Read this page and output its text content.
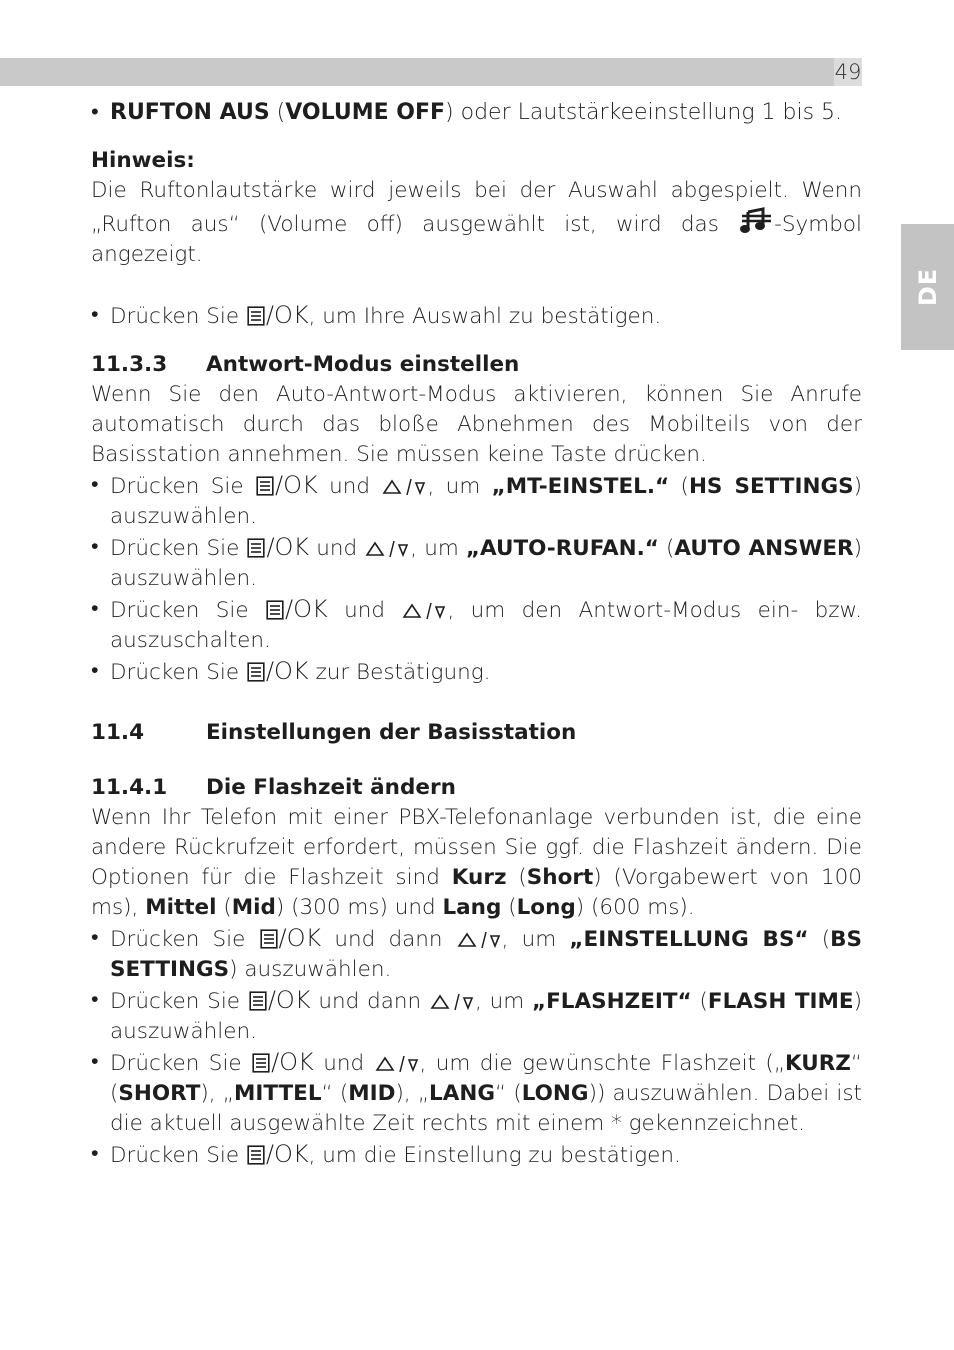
49
DE

• RUFTON AUS (VOLUME OFF) oder Lautstärkeeinstellung 1 bis 5.

Hinweis:

Die Ruftonlautstärke wird jeweils bei der Auswahl abgespielt. Wenn „Rufton aus“ (Volume off) ausgewählt ist, wird das -Symbol angezeigt.

• Drücken Sie /OK, um Ihre Auswahl zu bestätigen.

11.3.3 Antwort-Modus einstellen

Wenn Sie den Auto-Antwort-Modus aktivieren, können Sie Anrufe automatisch durch das bloße Abnehmen des Mobilteils von der Basisstation annehmen. Sie müssen keine Taste drücken.

• Drücken Sie /OK und , um „MT-EINSTEL.“ (HS SETTINGS) auszuwählen.

• Drücken Sie /OK und , um „AUTO-RUFAN.“ (AUTO ANSWER) auszuwählen.

• Drücken Sie /OK und , um den Antwort-Modus ein- bzw. auszuschalten.

• Drücken Sie /OK zur Bestätigung.

11.4	Einstellungen der Basisstation

11.4.1 Die Flashzeit ändern

Wenn Ihr Telefon mit einer PBX-Telefonanlage verbunden ist, die eine andere Rückrufzeit erfordert, müssen Sie ggf. die Flashzeit ändern. Die Optionen für die Flashzeit sind Kurz (Short) (Vorgabewert von 100 ms), Mittel (Mid) (300 ms) und Lang (Long) (600 ms).

• Drücken Sie /OK und dann , um „EINSTELLUNG BS“ (BS SETTINGS) auszuwählen.

• Drücken Sie /OK und dann , um „FLASHZEIT“ (FLASH TIME) auszuwählen.

• Drücken Sie /OK und , um die gewünschte Flashzeit („KURZ“ (SHORT), „MITTEL“ (MID), „LANG“ (LONG)) auszuwählen. Dabei ist die aktuell ausgewählte Zeit rechts mit einem * gekennzeichnet.

• Drücken Sie /OK, um die Einstellung zu bestätigen.
